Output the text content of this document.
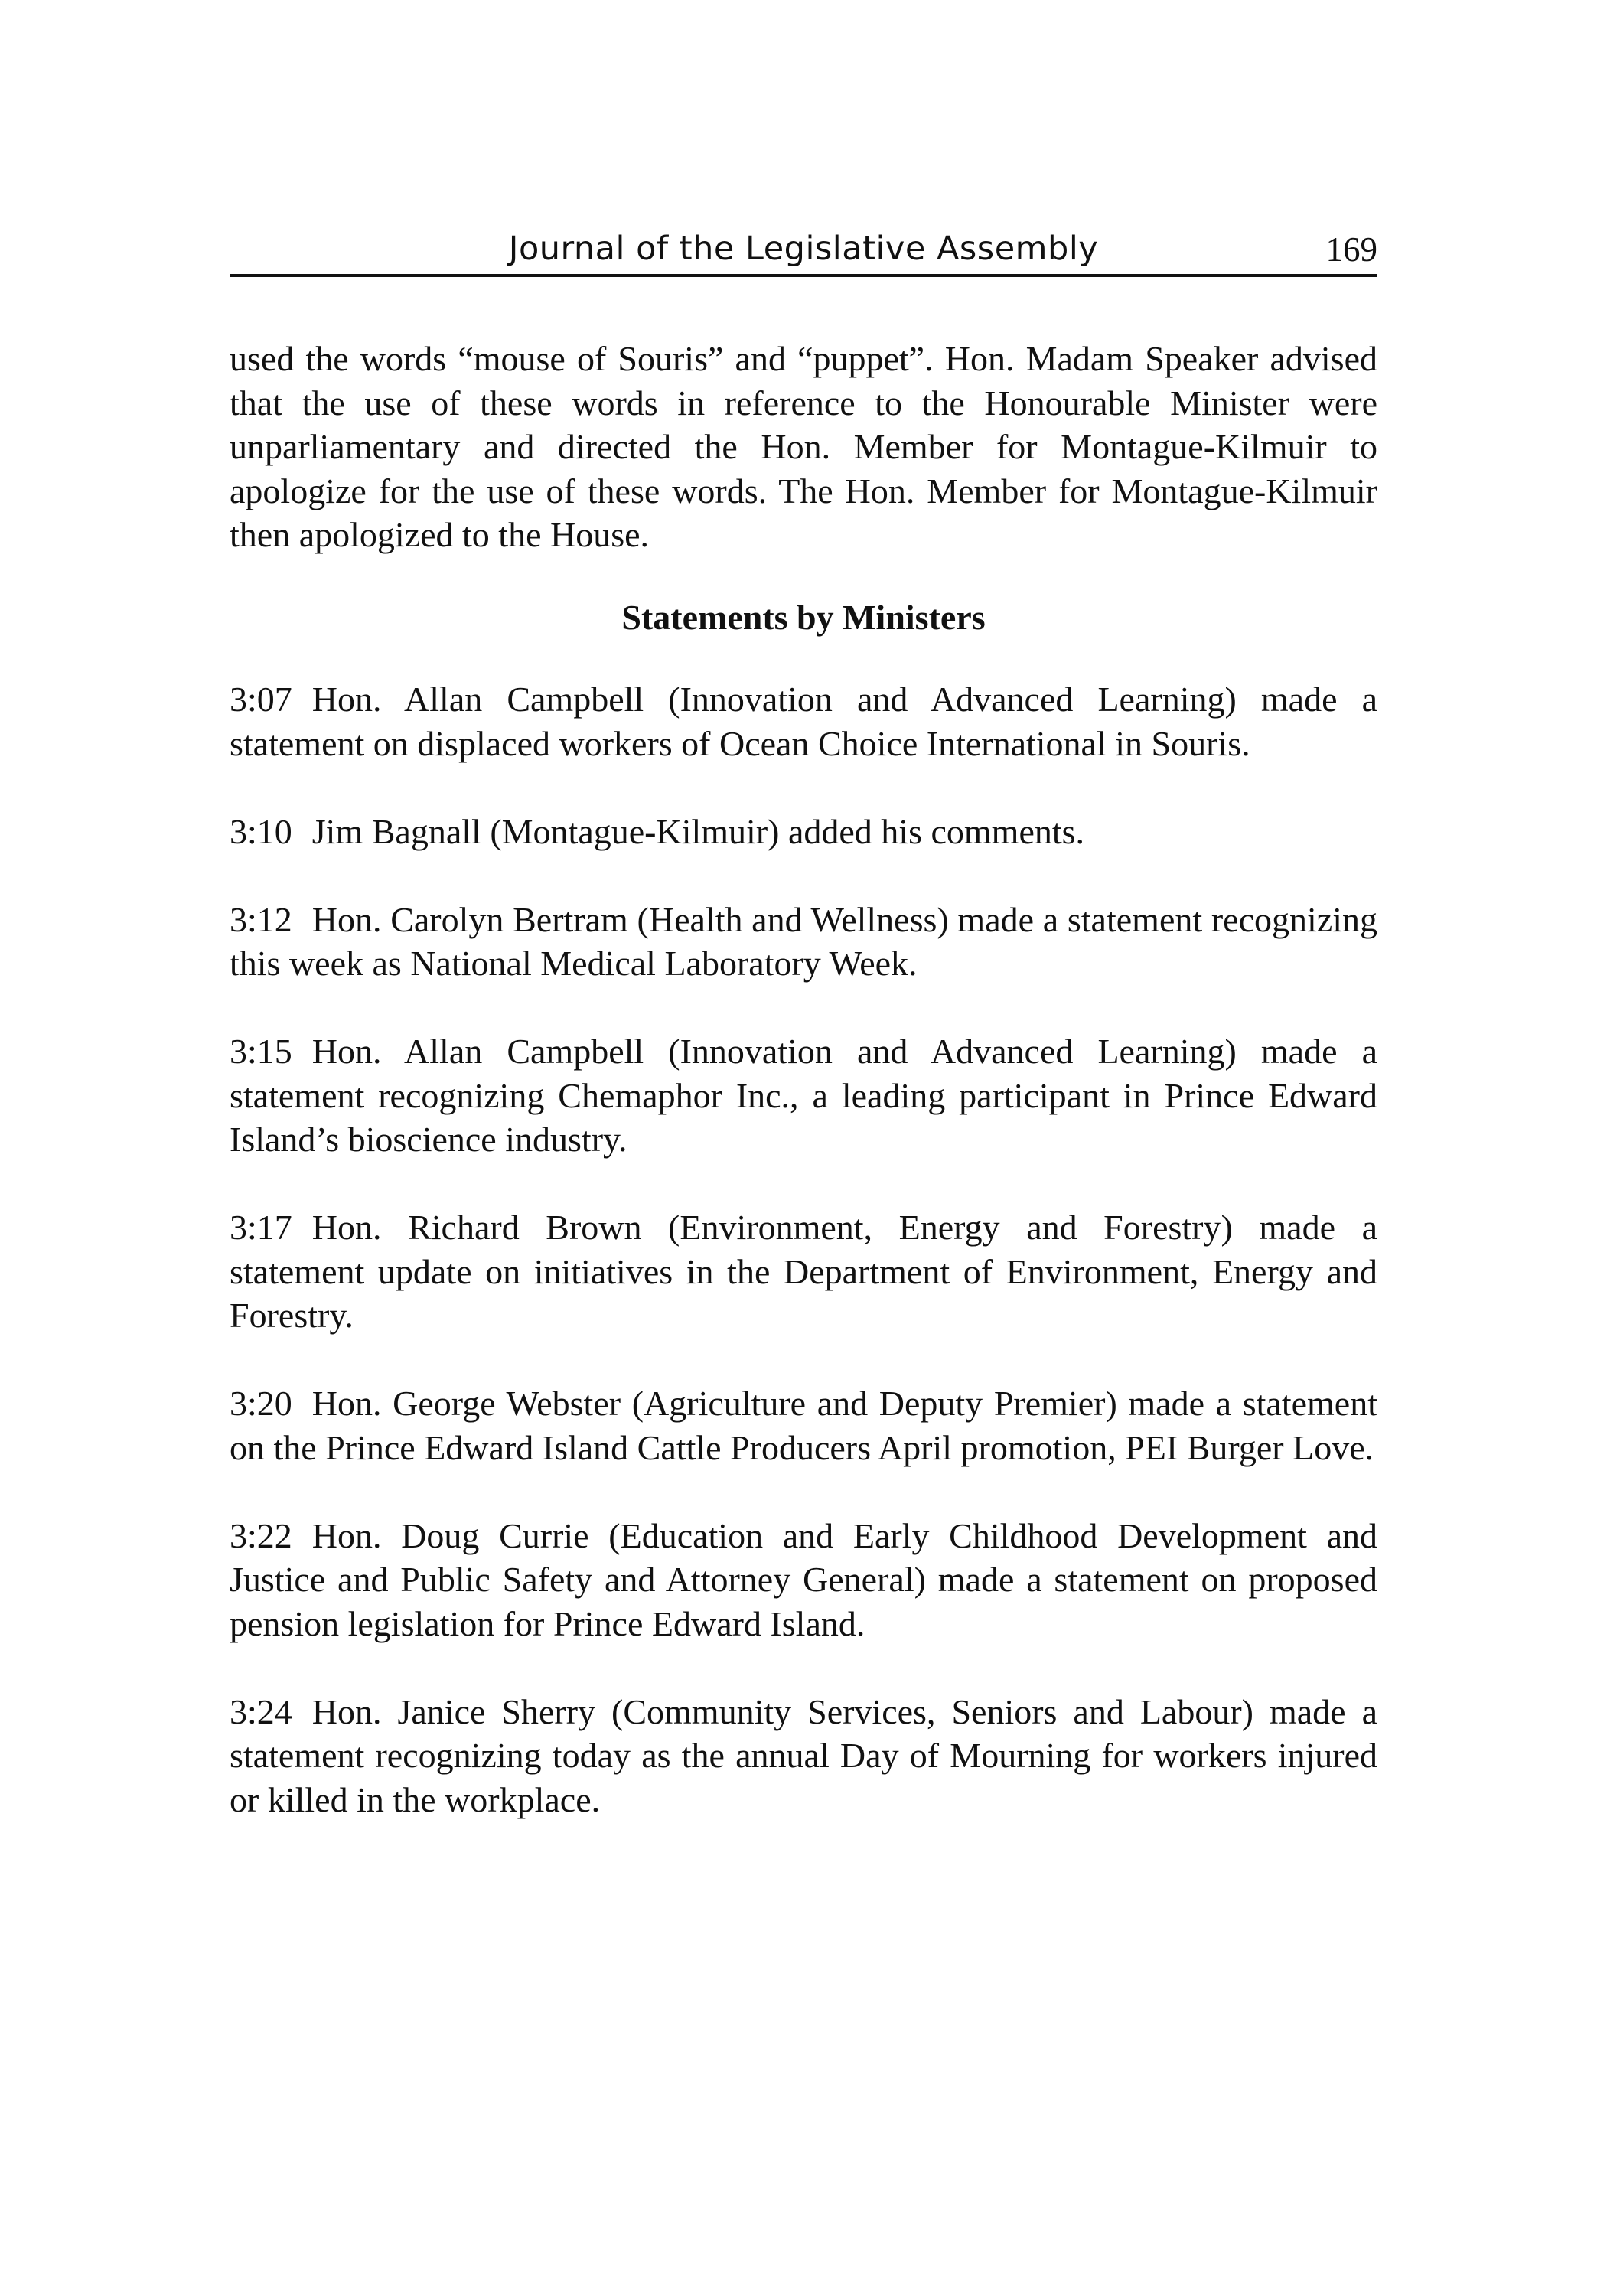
Journal of the Legislative Assembly	169

used the words “mouse of Souris” and “puppet”. Hon. Madam Speaker advised that the use of these words in reference to the Honourable Minister were unparliamentary and directed the Hon. Member for Montague-Kilmuir to apologize for the use of these words. The Hon. Member for Montague-Kilmuir then apologized to the House.

Statements by Ministers

3:07 Hon. Allan Campbell (Innovation and Advanced Learning) made a statement on displaced workers of Ocean Choice International in Souris.

3:10 Jim Bagnall (Montague-Kilmuir) added his comments.

3:12 Hon. Carolyn Bertram (Health and Wellness) made a statement recognizing this week as National Medical Laboratory Week.

3:15 Hon. Allan Campbell (Innovation and Advanced Learning) made a statement recognizing Chemaphor Inc., a leading participant in Prince Edward Island’s bioscience industry.

3:17 Hon. Richard Brown (Environment, Energy and Forestry) made a statement update on initiatives in the Department of Environment, Energy and Forestry.

3:20 Hon. George Webster (Agriculture and Deputy Premier) made a statement on the Prince Edward Island Cattle Producers April promotion, PEI Burger Love.

3:22 Hon. Doug Currie (Education and Early Childhood Development and Justice and Public Safety and Attorney General) made a statement on proposed pension legislation for Prince Edward Island.

3:24 Hon. Janice Sherry (Community Services, Seniors and Labour) made a statement recognizing today as the annual Day of Mourning for workers injured or killed in the workplace.
